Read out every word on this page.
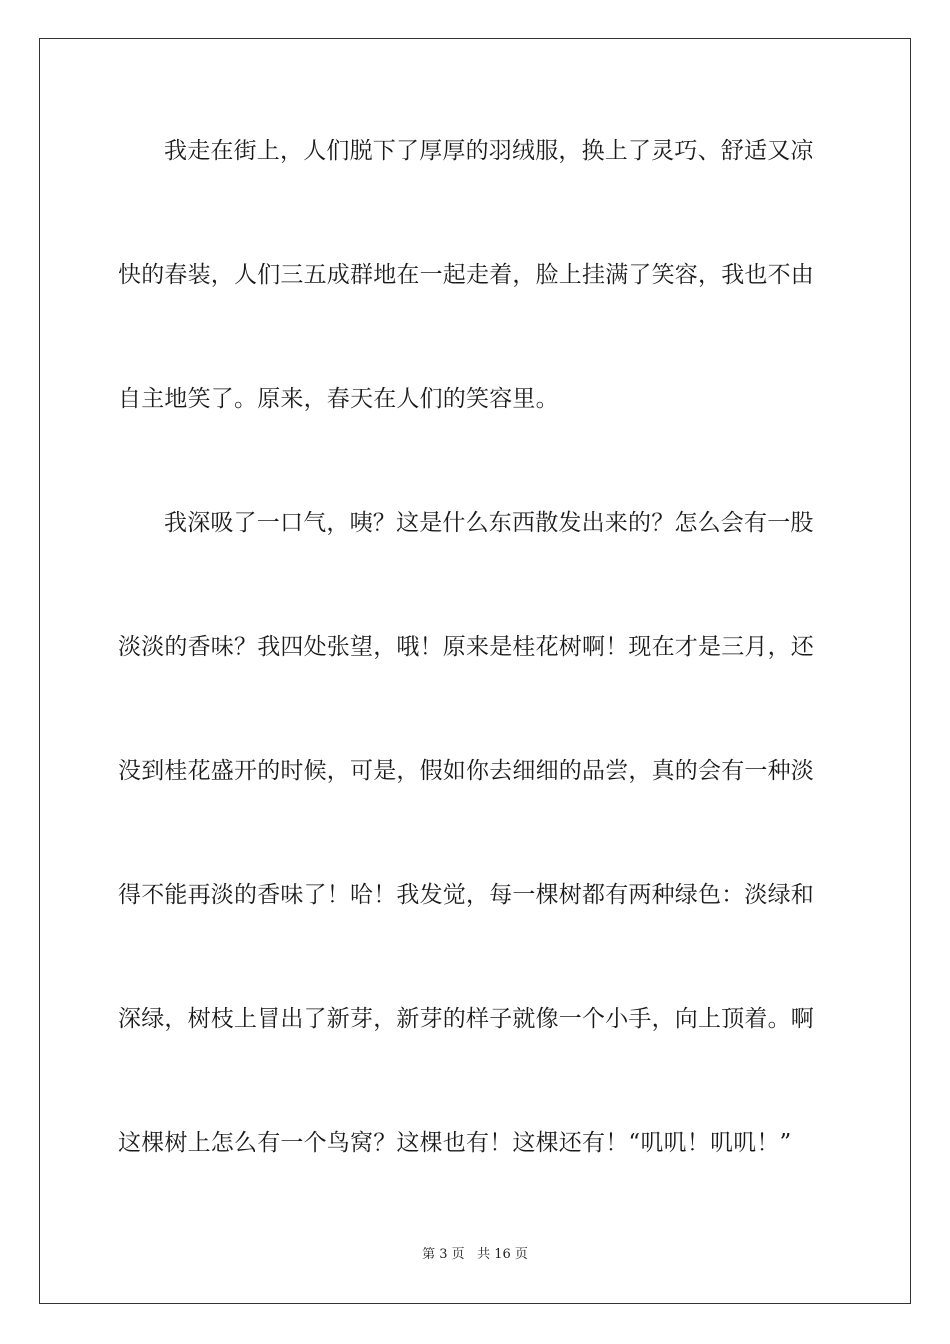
我走在街上，人们脱下了厚厚的羽绒服，换上了灵巧、舒适又凉
快的春装，人们三五成群地在一起走着，脸上挂满了笑容，我也不由
自主地笑了。原来，春天在人们的笑容里。
我深吸了一口气，咦？这是什么东西散发出来的？怎么会有一股
淡淡的香味？我四处张望，哦！原来是桂花树啊！现在才是三月，还
没到桂花盛开的时候，可是，假如你去细细的品尝，真的会有一种淡
得不能再淡的香味了！哈！我发觉，每一棵树都有两种绿色：淡绿和
深绿，树枝上冒出了新芽，新芽的样子就像一个小手，向上顶着。啊
这棵树上怎么有一个鸟窝？这棵也有！这棵还有！“叽叽！叽叽！”
第 3 页 共 16 页
